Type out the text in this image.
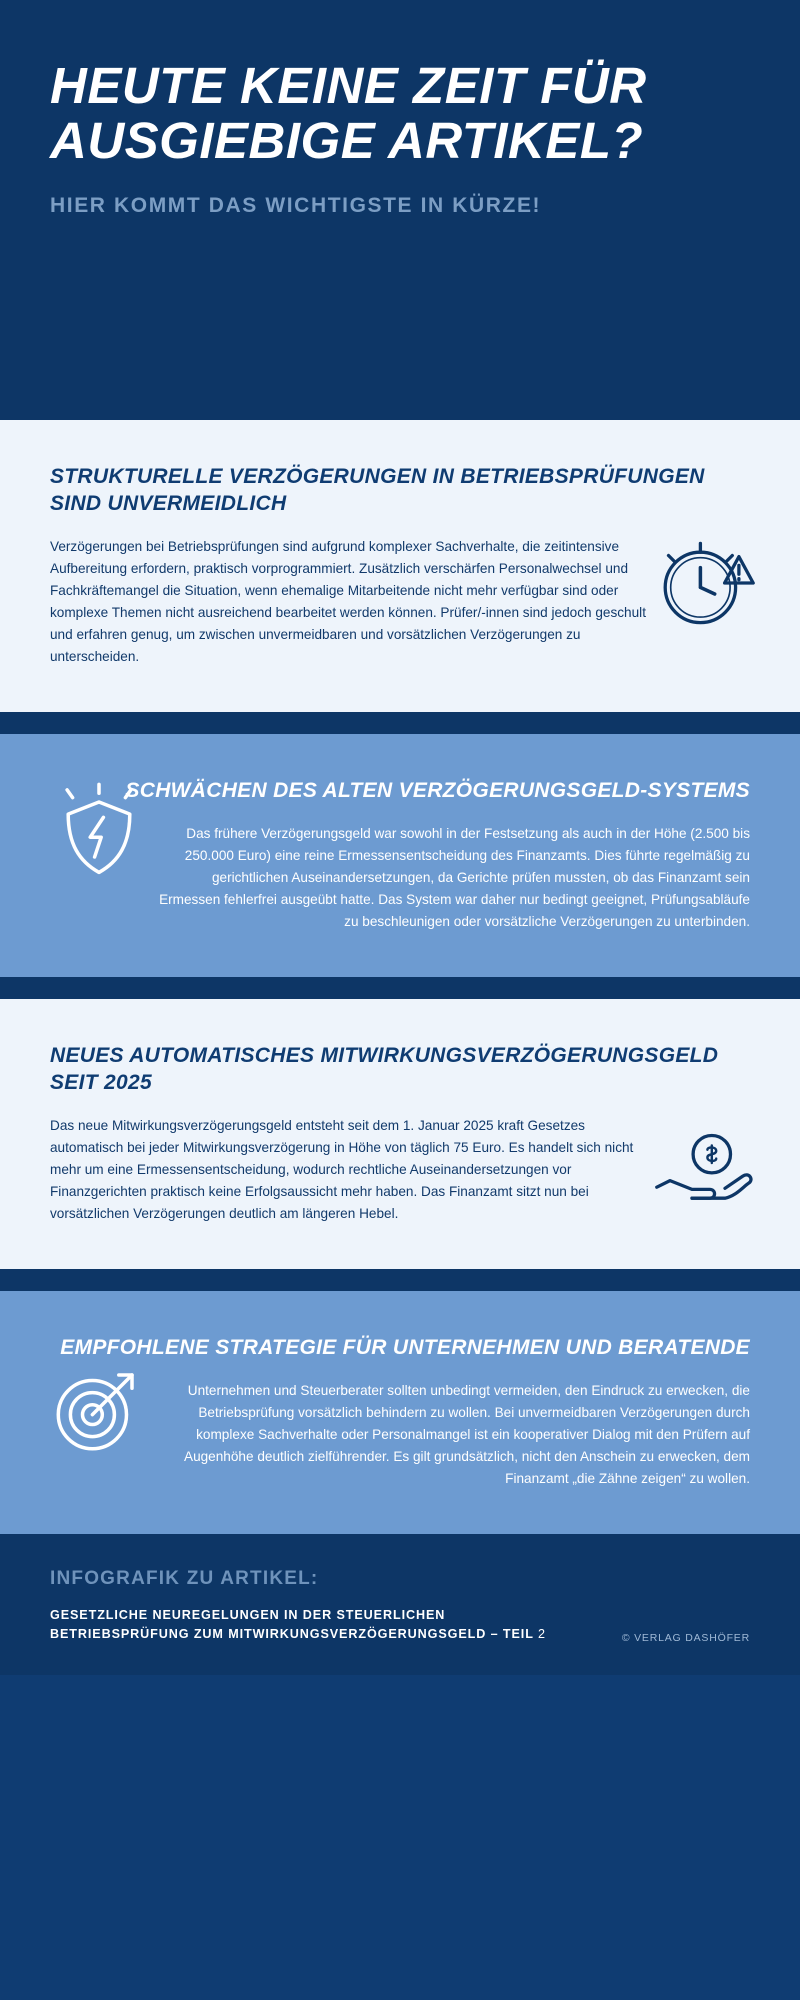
HEUTE KEINE ZEIT FÜR AUSGIEBIGE ARTIKEL?
HIER KOMMT DAS WICHTIGSTE IN KÜRZE!
STRUKTURELLE VERZÖGERUNGEN IN BETRIEBSPRÜFUNGEN SIND UNVERMEIDLICH
Verzögerungen bei Betriebsprüfungen sind aufgrund komplexer Sachverhalte, die zeitintensive Aufbereitung erfordern, praktisch vorprogrammiert. Zusätzlich verschärfen Personalwechsel und Fachkräftemangel die Situation, wenn ehemalige Mitarbeitende nicht mehr verfügbar sind oder komplexe Themen nicht ausreichend bearbeitet werden können. Prüfer/-innen sind jedoch geschult und erfahren genug, um zwischen unvermeidbaren und vorsätzlichen Verzögerungen zu unterscheiden.
SCHWÄCHEN DES ALTEN VERZÖGERUNGSGELD-SYSTEMS
Das frühere Verzögerungsgeld war sowohl in der Festsetzung als auch in der Höhe (2.500 bis 250.000 Euro) eine reine Ermessensentscheidung des Finanzamts. Dies führte regelmäßig zu gerichtlichen Auseinandersetzungen, da Gerichte prüfen mussten, ob das Finanzamt sein Ermessen fehlerfrei ausgeübt hatte. Das System war daher nur bedingt geeignet, Prüfungsabläufe zu beschleunigen oder vorsätzliche Verzögerungen zu unterbinden.
NEUES AUTOMATISCHES MITWIRKUNGSVERZÖGERUNGSGELD SEIT 2025
Das neue Mitwirkungsverzögerungsgeld entsteht seit dem 1. Januar 2025 kraft Gesetzes automatisch bei jeder Mitwirkungsverzögerung in Höhe von täglich 75 Euro. Es handelt sich nicht mehr um eine Ermessensentscheidung, wodurch rechtliche Auseinandersetzungen vor Finanzgerichten praktisch keine Erfolgsaussicht mehr haben. Das Finanzamt sitzt nun bei vorsätzlichen Verzögerungen deutlich am längeren Hebel.
EMPFOHLENE STRATEGIE FÜR UNTERNEHMEN UND BERATENDE
Unternehmen und Steuerberater sollten unbedingt vermeiden, den Eindruck zu erwecken, die Betriebsprüfung vorsätzlich behindern zu wollen. Bei unvermeidbaren Verzögerungen durch komplexe Sachverhalte oder Personalmangel ist ein kooperativer Dialog mit den Prüfern auf Augenhöhe deutlich zielführender. Es gilt grundsätzlich, nicht den Anschein zu erwecken, dem Finanzamt „die Zähne zeigen“ zu wollen.
INFOGRAFIK ZU ARTIKEL:
GESETZLICHE NEUREGELUNGEN IN DER STEUERLICHEN
BETRIEBSPRÜFUNG ZUM MITWIRKUNGSVERZÖGERUNGSGELD – TEIL 2	© VERLAG DASHÖFER
